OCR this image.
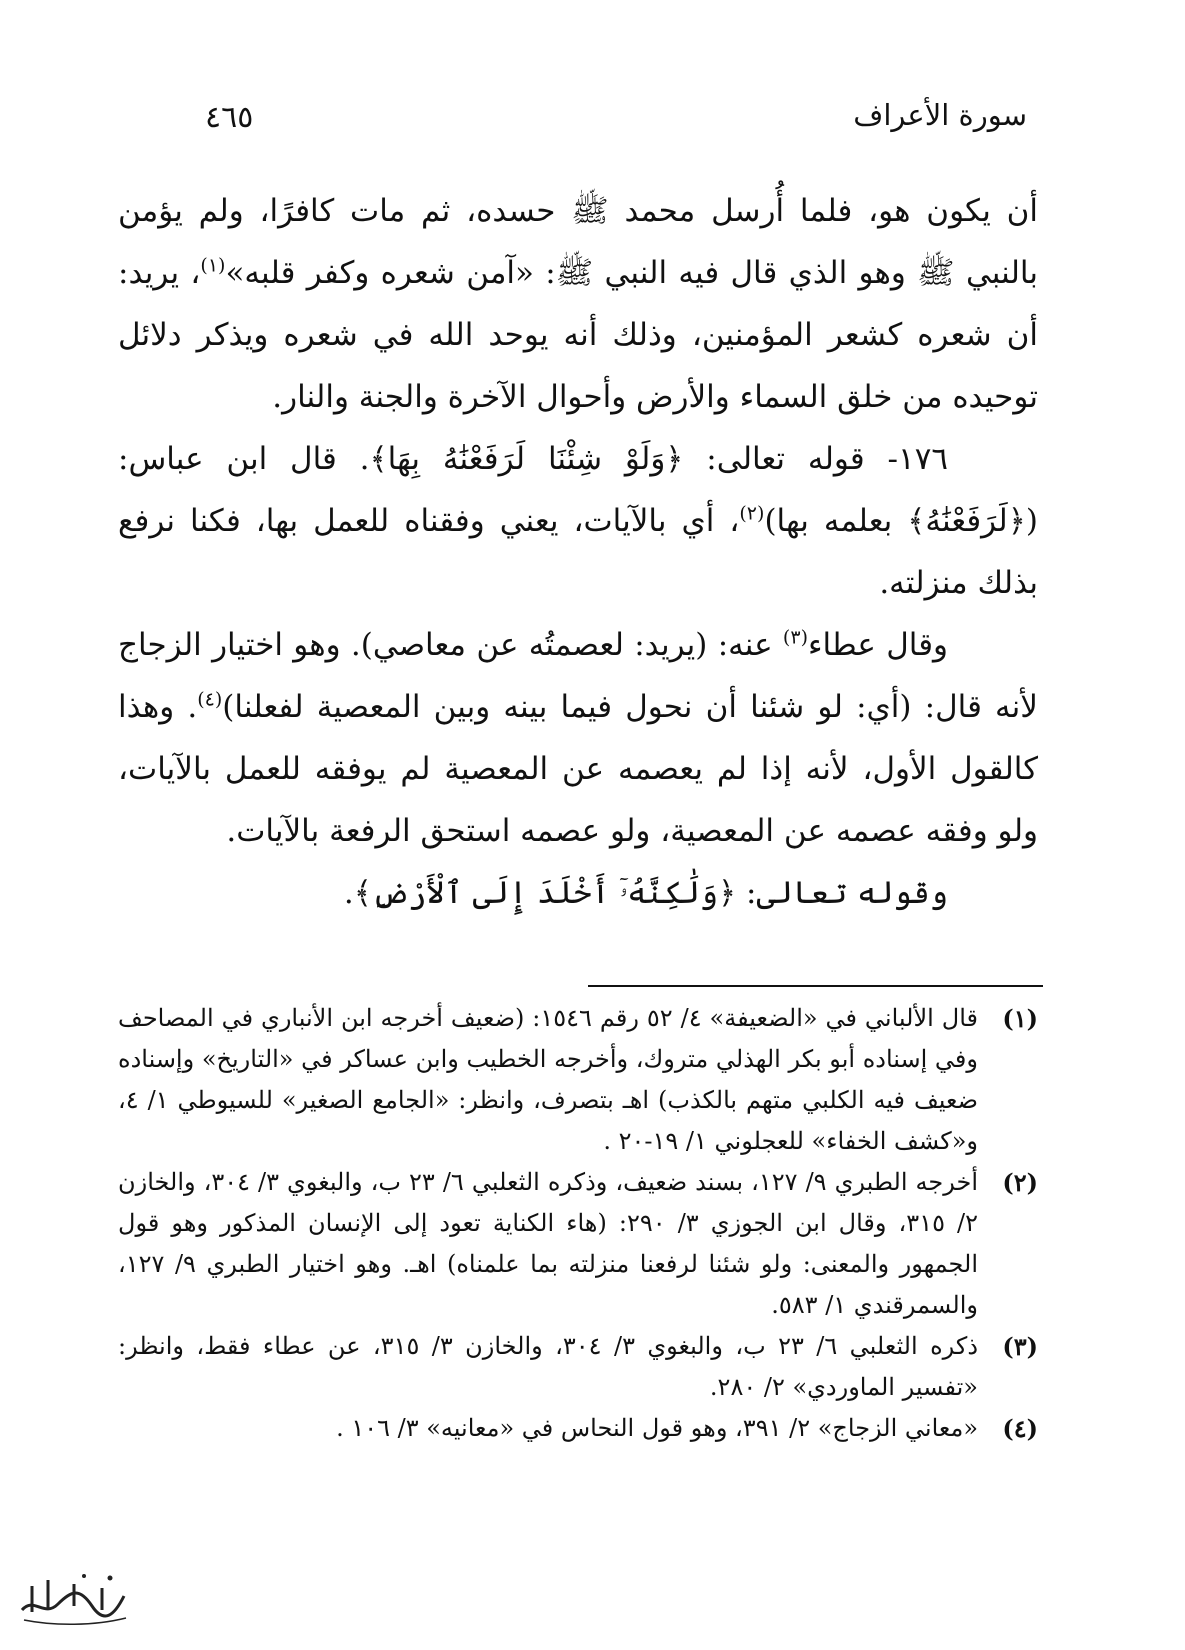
سورة الأعراف
٤٦٥

أن يكون هو، فلما أُرسل محمد ﷺ حسده، ثم مات كافرًا، ولم يؤمن بالنبي ﷺ وهو الذي قال فيه النبي ﷺ: «آمن شعره وكفر قلبه»$^{(١)}$، يريد: أن شعره كشعر المؤمنين، وذلك أنه يوحد الله في شعره ويذكر دلائل توحيده من خلق السماء والأرض وأحوال الآخرة والجنة والنار.

١٧٦- قوله تعالى: ﴿وَلَوْ شِئْنَا لَرَفَعْنَٰهُ بِهَا﴾. قال ابن عباس: (﴿لَرَفَعْنَٰهُ﴾ بعلمه بها)$^{(٢)}$، أي بالآيات، يعني وفقناه للعمل بها، فكنا نرفع بذلك منزلته.

وقال عطاء$^{(٣)}$ عنه: (يريد: لعصمتُه عن معاصي). وهو اختيار الزجاج لأنه قال: (أي: لو شئنا أن نحول فيما بينه وبين المعصية لفعلنا)$^{(٤)}$. وهذا كالقول الأول، لأنه إذا لم يعصمه عن المعصية لم يوفقه للعمل بالآيات، ولو وفقه عصمه عن المعصية، ولو عصمه استحق الرفعة بالآيات.

وقوله تعالى: ﴿وَلَٰكِنَّهُۥٓ أَخْلَدَ إِلَى ٱلْأَرْضِ﴾.

(١)
قال الألباني في «الضعيفة» ٤/ ٥٢ رقم ١٥٤٦: (ضعيف أخرجه ابن الأنباري في المصاحف وفي إسناده أبو بكر الهذلي متروك، وأخرجه الخطيب وابن عساكر في «التاريخ» وإسناده ضعيف فيه الكلبي متهم بالكذب) اهـ بتصرف، وانظر: «الجامع الصغير» للسيوطي ١/ ٤، و«كشف الخفاء» للعجلوني ١/ ١٩-٢٠ .
(٢)
أخرجه الطبري ٩/ ١٢٧، بسند ضعيف، وذكره الثعلبي ٦/ ٢٣ ب، والبغوي ٣/ ٣٠٤، والخازن ٢/ ٣١٥، وقال ابن الجوزي ٣/ ٢٩٠: (هاء الكناية تعود إلى الإنسان المذكور وهو قول الجمهور والمعنى: ولو شئنا لرفعنا منزلته بما علمناه) اهـ. وهو اختيار الطبري ٩/ ١٢٧، والسمرقندي ١/ ٥٨٣.
(٣)
ذكره الثعلبي ٦/ ٢٣ ب، والبغوي ٣/ ٣٠٤، والخازن ٣/ ٣١٥، عن عطاء فقط، وانظر: «تفسير الماوردي» ٢/ ٢٨٠.
(٤)
«معاني الزجاج» ٢/ ٣٩١، وهو قول النحاس في «معانيه» ٣/ ١٠٦ .
